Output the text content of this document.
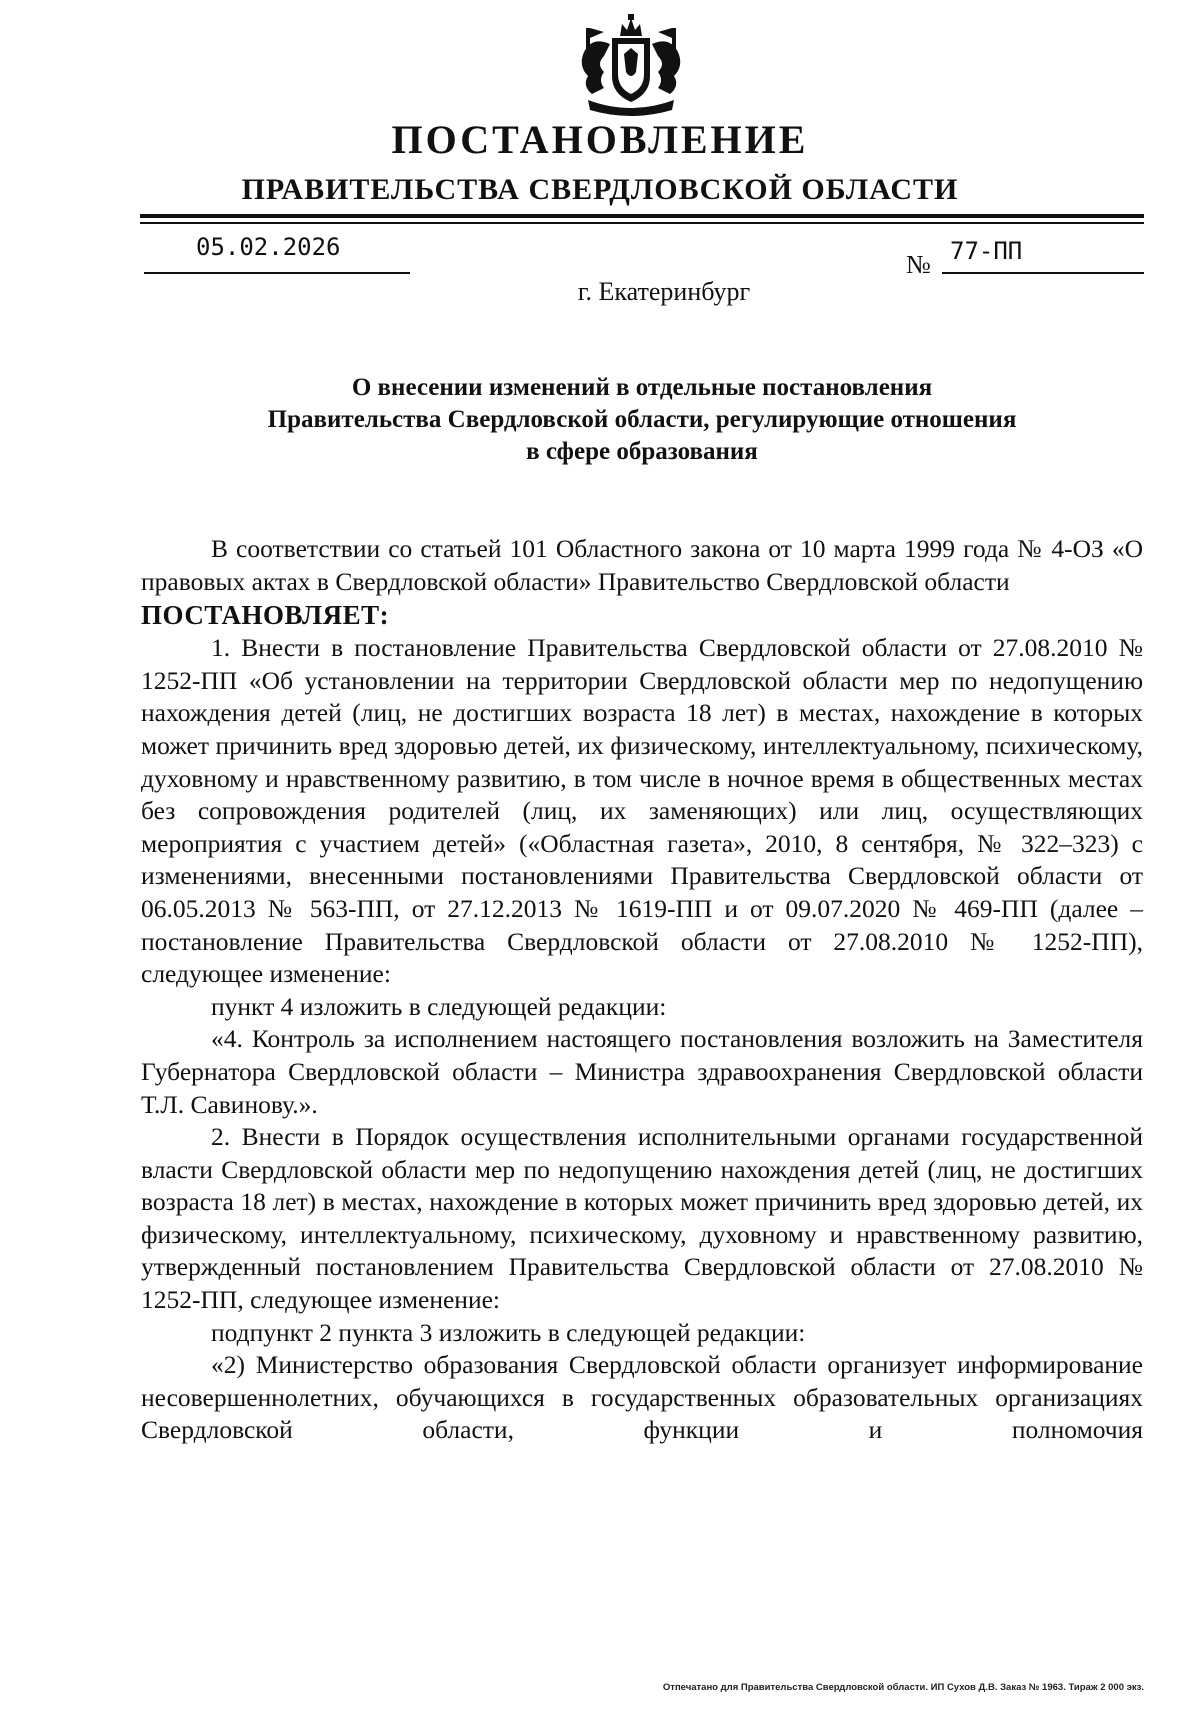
ПОСТАНОВЛЕНИЕ
ПРАВИТЕЛЬСТВА СВЕРДЛОВСКОЙ ОБЛАСТИ
05.02.2026
№ 77-ПП
г. Екатеринбург
О внесении изменений в отдельные постановления
Правительства Свердловской области, регулирующие отношения
в сфере образования

В соответствии со статьей 101 Областного закона от 10 марта 1999 года № 4-ОЗ «О правовых актах в Свердловской области» Правительство Свердловской области

ПОСТАНОВЛЯЕТ:

1. Внести в постановление Правительства Свердловской области от 27.08.2010 № 1252-ПП «Об установлении на территории Свердловской области мер по недопущению нахождения детей (лиц, не достигших возраста 18 лет) в местах, нахождение в которых может причинить вред здоровью детей, их физическому, интеллектуальному, психическому, духовному и нравственному развитию, в том числе в ночное время в общественных местах без сопровождения родителей (лиц, их заменяющих) или лиц, осуществляющих мероприятия с участием детей» («Областная газета», 2010, 8 сентября, № 322–323) с изменениями, внесенными постановлениями Правительства Свердловской области от 06.05.2013 № 563-ПП, от 27.12.2013 № 1619-ПП и от 09.07.2020 № 469-ПП (далее – постановление Правительства Свердловской области от 27.08.2010 № 1252-ПП), следующее изменение:

пункт 4 изложить в следующей редакции:

«4. Контроль за исполнением настоящего постановления возложить на Заместителя Губернатора Свердловской области – Министра здравоохранения Свердловской области Т.Л. Савинову.».

2. Внести в Порядок осуществления исполнительными органами государственной власти Свердловской области мер по недопущению нахождения детей (лиц, не достигших возраста 18 лет) в местах, нахождение в которых может причинить вред здоровью детей, их физическому, интеллектуальному, психическому, духовному и нравственному развитию, утвержденный постановлением Правительства Свердловской области от 27.08.2010 № 1252-ПП, следующее изменение:

подпункт 2 пункта 3 изложить в следующей редакции:

«2) Министерство образования Свердловской области организует информирование несовершеннолетних, обучающихся в государственных образовательных организациях Свердловской области, функции и полномочия

Отпечатано для Правительства Свердловской области. ИП Сухов Д.В. Заказ № 1963. Тираж 2 000 экз.
